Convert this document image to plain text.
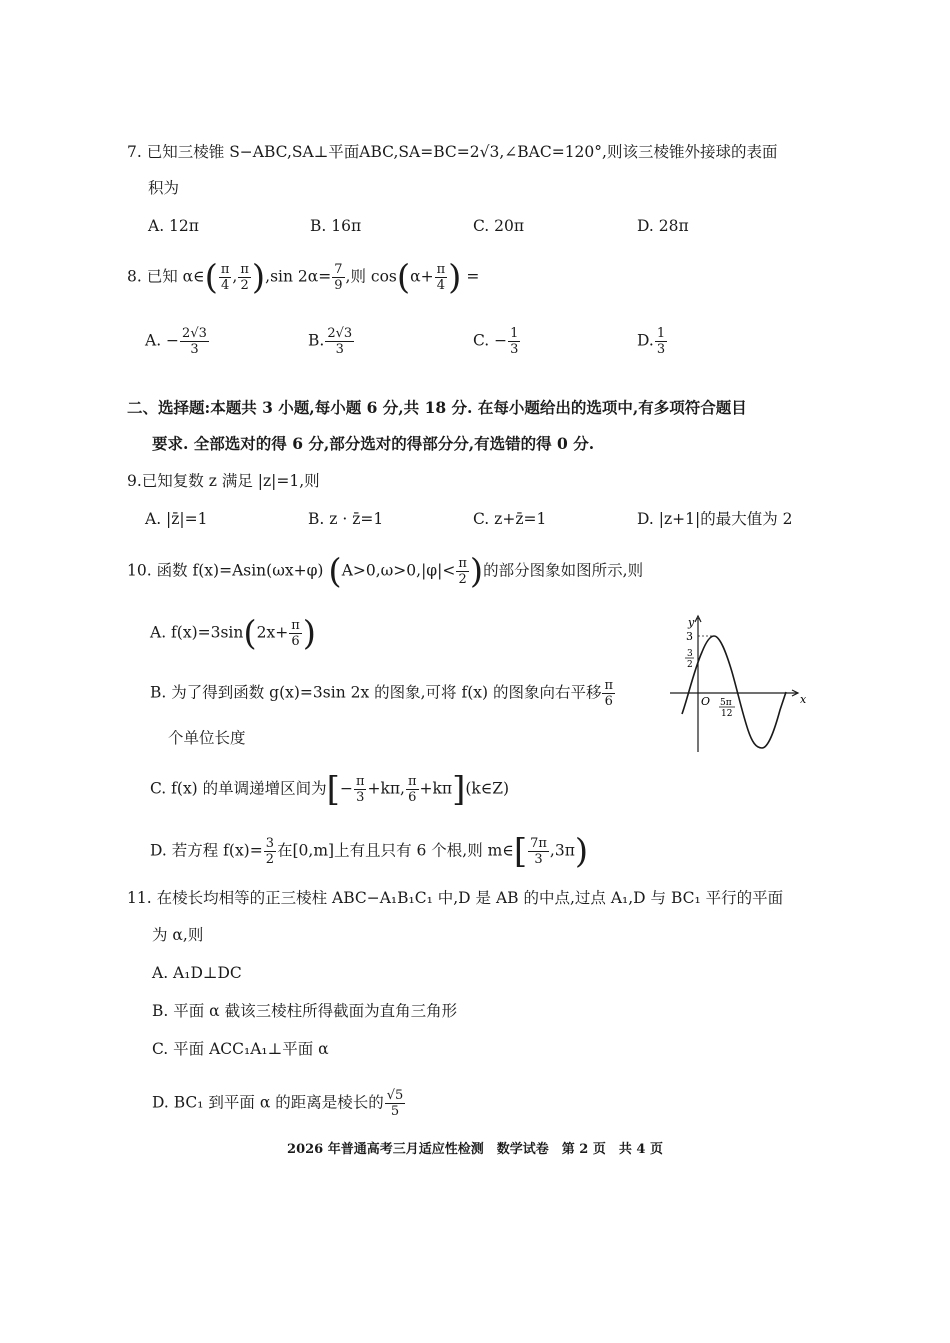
7. 已知三棱锥 S−ABC,SA⊥平面ABC,SA=BC=2√3,∠BAC=120°,则该三棱锥外接球的表面
积为
A. 12π	B. 16π	C. 20π	D. 28π
8. 已知 α∈( $\frac{\pi}{4}$ , $\frac{\pi}{2} ),\sin$ $2\alpha= \frac{7}{9}$ ,则 $\cos(\alpha+ \frac{\pi}{4}$ ) =
A. − $\frac{2√3}{3}$	B. $\frac{2√3}{3}$	C. − $\frac{1}{3}$	D. $\frac{1}{3}$
二、选择题:本题共 3 小题,每小题 6 分,共 18 分. 在每小题给出的选项中,有多项符合题目
要求. 全部选对的得 6 分,部分选对的得部分分,有选错的得 0 分.
9.已知复数 z 满足 |z|=1,则
A. |z̄|=1	B. z · z̄=1	C. z+z̄=1	D. |z+1|的最大值为 2
10. 函数 f(x)=Asin(ωx+φ) ($A>0,\omega>0,|\varphi|< \frac{\pi}{2}$ )的部分图象如图所示,则
A. $f(x)=3\sin(2x+ \frac{\pi}{6}$ )
B. 为了得到函数 g(x)=3sin 2x 的图象,可将 f(x) 的图象向右平移 $\frac{\pi}{6}$
个单位长度
C. f(x) 的单调递增区间为[− $\frac{\pi}{3} +k\pi$, $\frac{\pi}{6}$ +kπ](k∈Z)
D. 若方程 $f(x)= \frac{3}{2}$ 在[0,m]上有且只有 6 个根,则 m∈[ $\frac{7\pi}{3} ,3\pi$)
y
x
O
3
3
2
5π
12
11. 在棱长均相等的正三棱柱 ABC−A₁B₁C₁ 中,D 是 AB 的中点,过点 A₁,D 与 BC₁ 平行的平面
为 α,则
A. A₁D⊥DC
B. 平面 α 截该三棱柱所得截面为直角三角形
C. 平面 ACC₁A₁⊥平面 α
D. BC₁ 到平面 α 的距离是棱长的 $\frac{√5}{5}$
2026 年普通高考三月适应性检测　数学试卷　第 2 页　共 4 页
